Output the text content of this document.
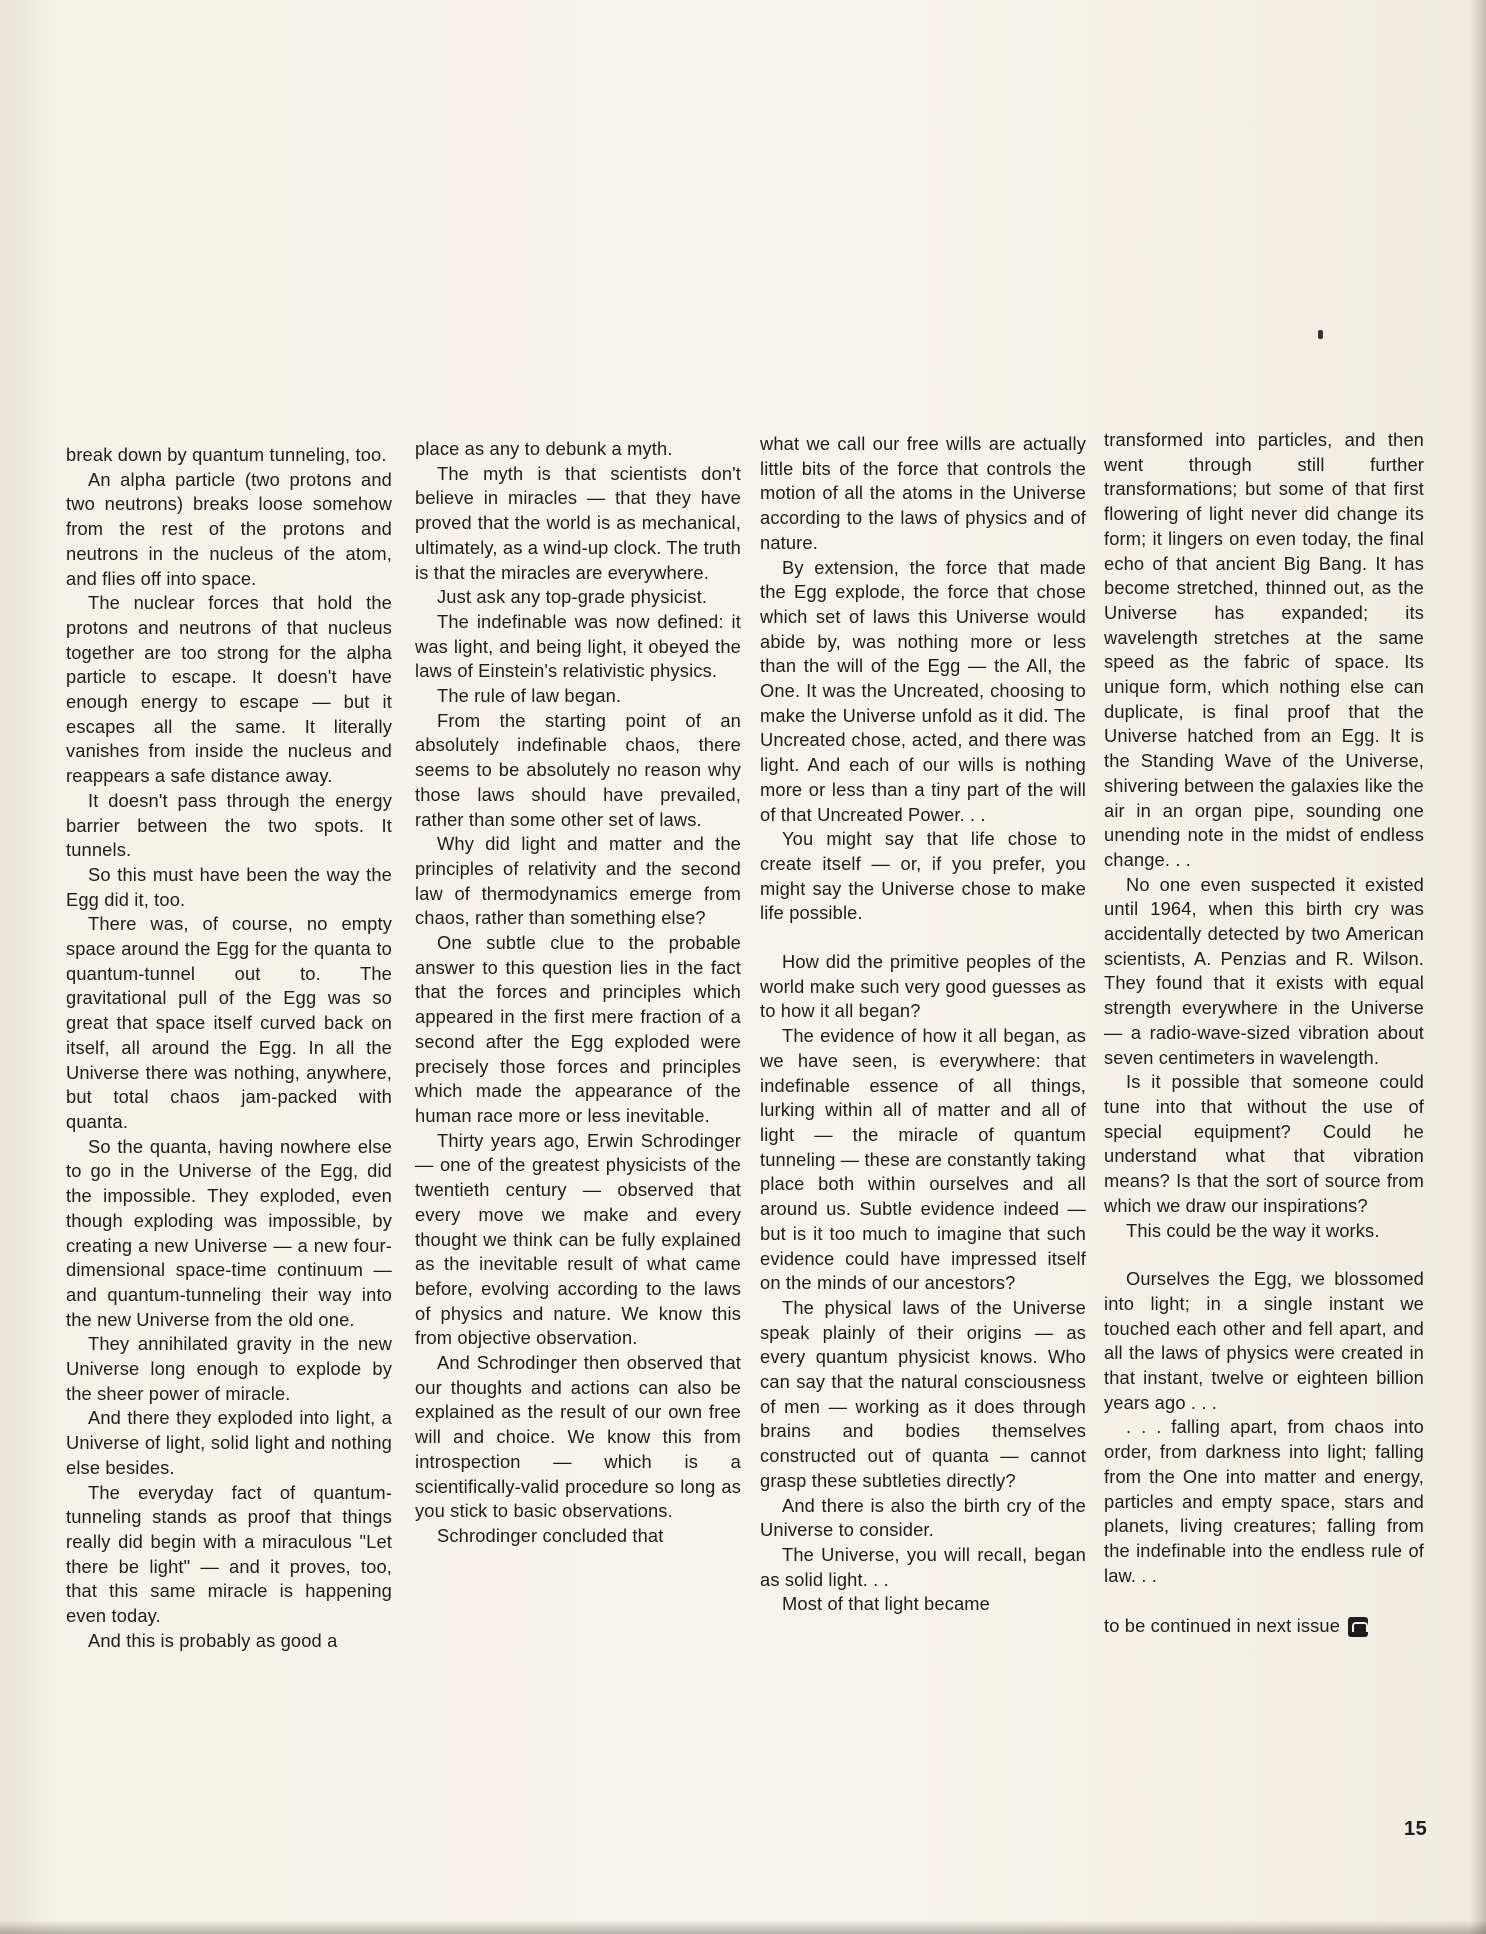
break down by quantum tunneling, too.

An alpha particle (two protons and two neutrons) breaks loose somehow from the rest of the protons and neutrons in the nucleus of the atom, and flies off into space.

The nuclear forces that hold the protons and neutrons of that nucleus together are too strong for the alpha particle to escape. It doesn't have enough energy to escape — but it escapes all the same. It literally vanishes from inside the nucleus and reappears a safe distance away.

It doesn't pass through the energy barrier between the two spots. It tunnels.

So this must have been the way the Egg did it, too.

There was, of course, no empty space around the Egg for the quanta to quantum-tunnel out to. The gravitational pull of the Egg was so great that space itself curved back on itself, all around the Egg. In all the Universe there was nothing, anywhere, but total chaos jam-packed with quanta.

So the quanta, having nowhere else to go in the Universe of the Egg, did the impossible. They exploded, even though exploding was impossible, by creating a new Universe — a new four-dimensional space-time continuum — and quantum-tunneling their way into the new Universe from the old one.

They annihilated gravity in the new Universe long enough to explode by the sheer power of miracle.

And there they exploded into light, a Universe of light, solid light and nothing else besides.

The everyday fact of quantum-tunneling stands as proof that things really did begin with a miraculous "Let there be light" — and it proves, too, that this same miracle is happening even today.

And this is probably as good a

place as any to debunk a myth.

The myth is that scientists don't believe in miracles — that they have proved that the world is as mechanical, ultimately, as a wind-up clock. The truth is that the miracles are everywhere.

Just ask any top-grade physicist.

The indefinable was now defined: it was light, and being light, it obeyed the laws of Einstein's relativistic physics.

The rule of law began.

From the starting point of an absolutely indefinable chaos, there seems to be absolutely no reason why those laws should have prevailed, rather than some other set of laws.

Why did light and matter and the principles of relativity and the second law of thermodynamics emerge from chaos, rather than something else?

One subtle clue to the probable answer to this question lies in the fact that the forces and principles which appeared in the first mere fraction of a second after the Egg exploded were precisely those forces and principles which made the appearance of the human race more or less inevitable.

Thirty years ago, Erwin Schrodinger — one of the greatest physicists of the twentieth century — observed that every move we make and every thought we think can be fully explained as the inevitable result of what came before, evolving according to the laws of physics and nature. We know this from objective observation.

And Schrodinger then observed that our thoughts and actions can also be explained as the result of our own free will and choice. We know this from introspection — which is a scientifically-valid procedure so long as you stick to basic observations.

Schrodinger concluded that

what we call our free wills are actually little bits of the force that controls the motion of all the atoms in the Universe according to the laws of physics and of nature.

By extension, the force that made the Egg explode, the force that chose which set of laws this Universe would abide by, was nothing more or less than the will of the Egg — the All, the One. It was the Uncreated, choosing to make the Universe unfold as it did. The Uncreated chose, acted, and there was light. And each of our wills is nothing more or less than a tiny part of the will of that Uncreated Power. . .

You might say that life chose to create itself — or, if you prefer, you might say the Universe chose to make life possible.

How did the primitive peoples of the world make such very good guesses as to how it all began?

The evidence of how it all began, as we have seen, is everywhere: that indefinable essence of all things, lurking within all of matter and all of light — the miracle of quantum tunneling — these are constantly taking place both within ourselves and all around us. Subtle evidence indeed — but is it too much to imagine that such evidence could have impressed itself on the minds of our ancestors?

The physical laws of the Universe speak plainly of their origins — as every quantum physicist knows. Who can say that the natural consciousness of men — working as it does through brains and bodies themselves constructed out of quanta — cannot grasp these subtleties directly?

And there is also the birth cry of the Universe to consider.

The Universe, you will recall, began as solid light. . .

Most of that light became

transformed into particles, and then went through still further transformations; but some of that first flowering of light never did change its form; it lingers on even today, the final echo of that ancient Big Bang. It has become stretched, thinned out, as the Universe has expanded; its wavelength stretches at the same speed as the fabric of space. Its unique form, which nothing else can duplicate, is final proof that the Universe hatched from an Egg. It is the Standing Wave of the Universe, shivering between the galaxies like the air in an organ pipe, sounding one unending note in the midst of endless change. . .

No one even suspected it existed until 1964, when this birth cry was accidentally detected by two American scientists, A. Penzias and R. Wilson. They found that it exists with equal strength everywhere in the Universe — a radio-wave-sized vibration about seven centimeters in wavelength.

Is it possible that someone could tune into that without the use of special equipment? Could he understand what that vibration means? Is that the sort of source from which we draw our inspirations?

This could be the way it works.

Ourselves the Egg, we blossomed into light; in a single instant we touched each other and fell apart, and all the laws of physics were created in that instant, twelve or eighteen billion years ago . . .

. . . falling apart, from chaos into order, from darkness into light; falling from the One into matter and energy, particles and empty space, stars and planets, living creatures; falling from the indefinable into the endless rule of law. . .

to be continued in next issue
15
